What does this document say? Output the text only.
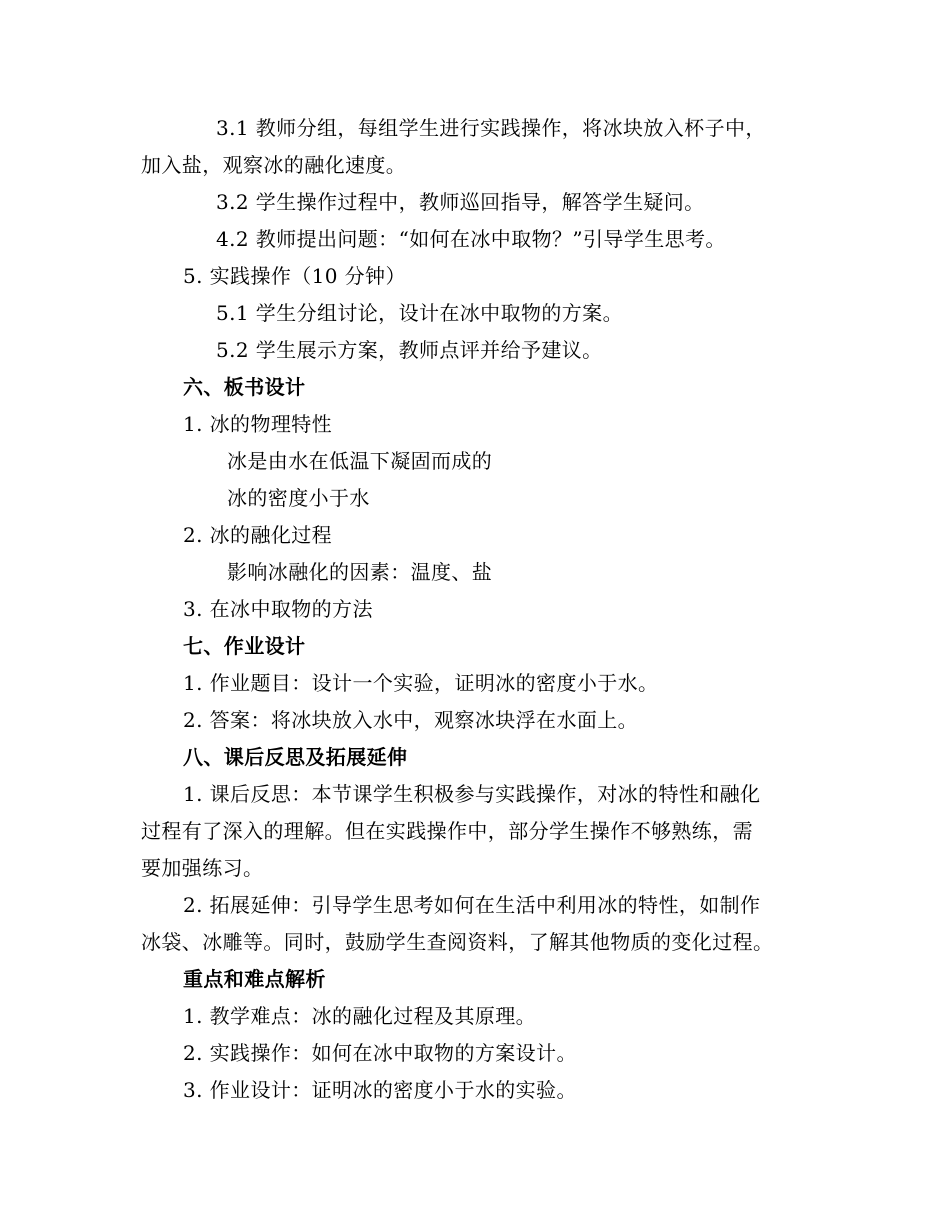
3.1 教师分组，每组学生进行实践操作，将冰块放入杯子中，
加入盐，观察冰的融化速度。
3.2 学生操作过程中，教师巡回指导，解答学生疑问。
4.2 教师提出问题：“如何在冰中取物？”引导学生思考。
5. 实践操作（10 分钟）
5.1 学生分组讨论，设计在冰中取物的方案。
5.2 学生展示方案，教师点评并给予建议。
六、板书设计
1. 冰的物理特性
冰是由水在低温下凝固而成的
冰的密度小于水
2. 冰的融化过程
影响冰融化的因素：温度、盐
3. 在冰中取物的方法
七、作业设计
1. 作业题目：设计一个实验，证明冰的密度小于水。
2. 答案：将冰块放入水中，观察冰块浮在水面上。
八、课后反思及拓展延伸
1. 课后反思：本节课学生积极参与实践操作，对冰的特性和融化
过程有了深入的理解。但在实践操作中，部分学生操作不够熟练，需
要加强练习。
2. 拓展延伸：引导学生思考如何在生活中利用冰的特性，如制作
冰袋、冰雕等。同时，鼓励学生查阅资料，了解其他物质的变化过程。
重点和难点解析
1. 教学难点：冰的融化过程及其原理。
2. 实践操作：如何在冰中取物的方案设计。
3. 作业设计：证明冰的密度小于水的实验。
